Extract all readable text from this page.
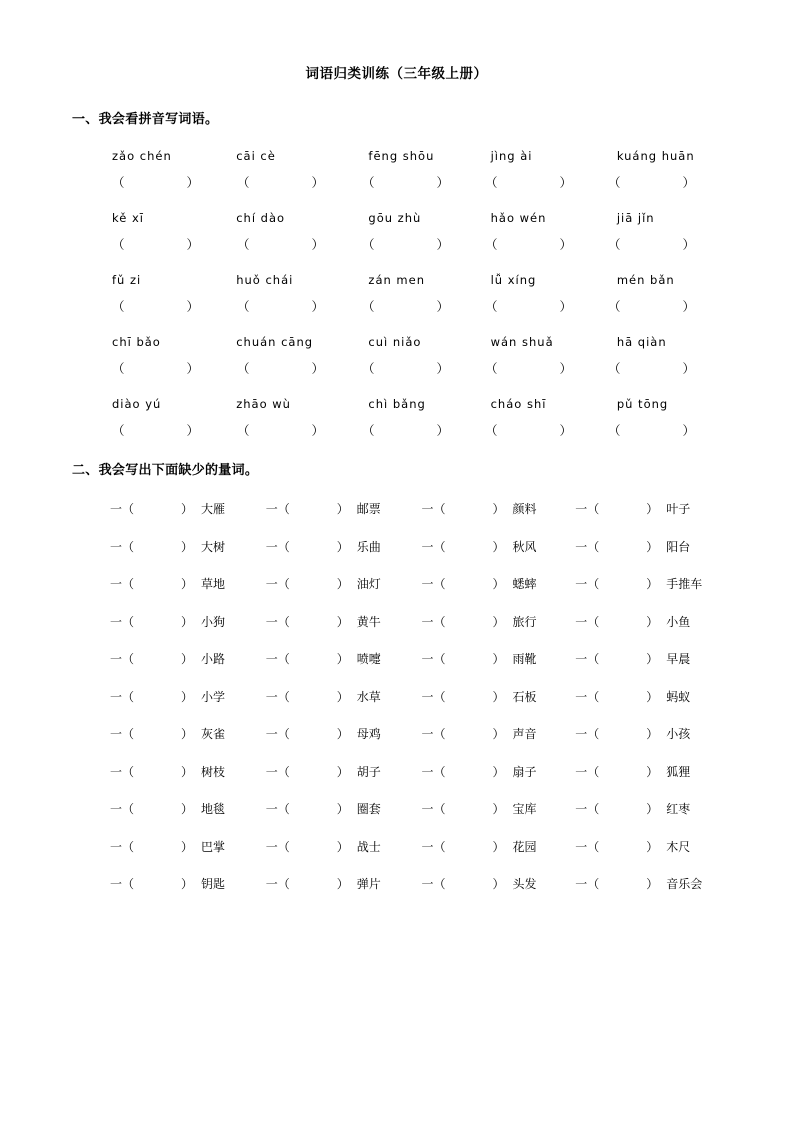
词语归类训练（三年级上册）
一、我会看拼音写词语。
zǎo chén	cāi cè	fēng shōu	jìng ài	kuáng huān
（	）	（	）	（	）	（	）	（	）
kě xī	chí dào	gōu zhù	hǎo wén	jiā jǐn
（	）	（	）	（	）	（	）	（	）
fǔ zi	huǒ chái	zán men	lǚ xíng	mén bǎn
（	）	（	）	（	）	（	）	（	）
chī bǎo	chuán cāng	cuì niǎo	wán shuǎ	hā qiàn
（	）	（	）	（	）	（	）	（	）
diào yú	zhāo wù	chì bǎng	cháo shī	pǔ tōng
（	）	（	）	（	）	（	）	（	）
二、我会写出下面缺少的量词。
一（	） 大雁	一（	） 邮票	一（	） 颜料	一（	） 叶子
一（	） 大树	一（	） 乐曲	一（	） 秋风	一（	） 阳台
一（	） 草地	一（	） 油灯	一（	） 蟋蟀	一（	） 手推车
一（	） 小狗	一（	） 黄牛	一（	） 旅行	一（	） 小鱼
一（	） 小路	一（	） 喷嚏	一（	） 雨靴	一（	） 早晨
一（	） 小学	一（	） 水草	一（	） 石板	一（	） 蚂蚁
一（	） 灰雀	一（	） 母鸡	一（	） 声音	一（	） 小孩
一（	） 树枝	一（	） 胡子	一（	） 扇子	一（	） 狐狸
一（	） 地毯	一（	） 圈套	一（	） 宝库	一（	） 红枣
一（	） 巴掌	一（	） 战士	一（	） 花园	一（	） 木尺
一（	） 钥匙	一（	） 弹片	一（	） 头发	一（	） 音乐会
